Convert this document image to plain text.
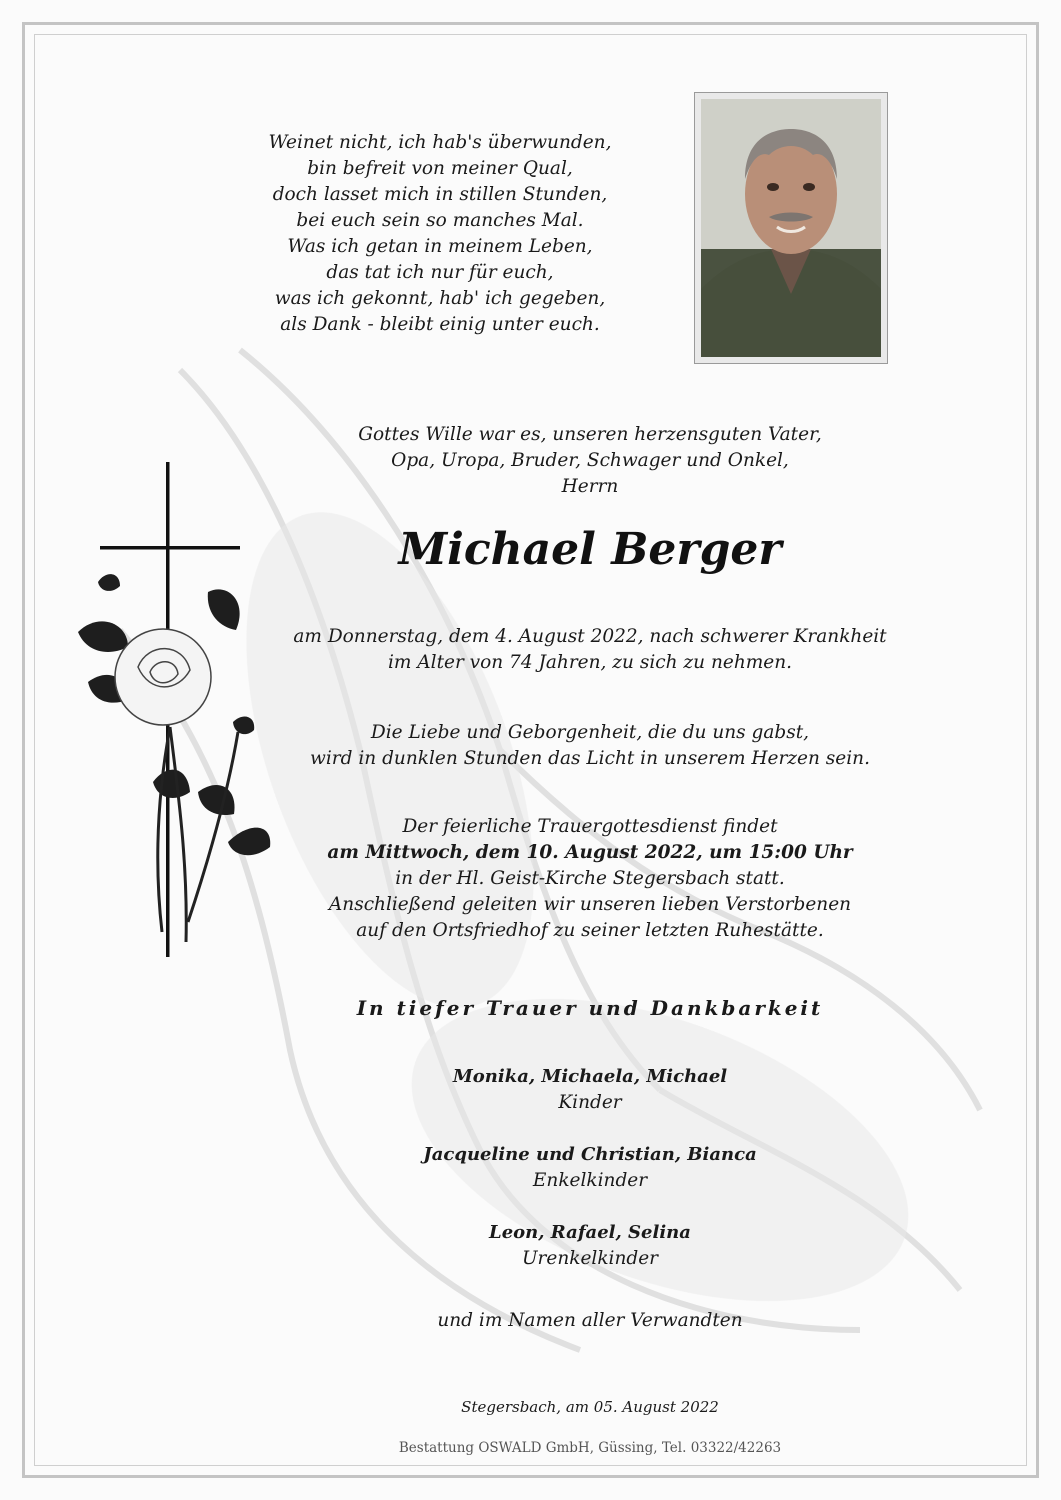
Weinet nicht, ich hab's überwunden,
bin befreit von meiner Qual,
doch lasset mich in stillen Stunden,
bei euch sein so manches Mal.
Was ich getan in meinem Leben,
das tat ich nur für euch,
was ich gekonnt, hab' ich gegeben,
als Dank - bleibt einig unter euch.
Gottes Wille war es, unseren herzensguten Vater,
Opa, Uropa, Bruder, Schwager und Onkel,
Herrn
Michael Berger
am Donnerstag, dem 4. August 2022, nach schwerer Krankheit
im Alter von 74 Jahren, zu sich zu nehmen.
Die Liebe und Geborgenheit, die du uns gabst,
wird in dunklen Stunden das Licht in unserem Herzen sein.
Der feierliche Trauergottesdienst findet
am Mittwoch, dem 10. August 2022, um 15:00 Uhr
in der Hl. Geist-Kirche Stegersbach statt.
Anschließend geleiten wir unseren lieben Verstorbenen
auf den Ortsfriedhof zu seiner letzten Ruhestätte.
In tiefer Trauer und Dankbarkeit
Monika, Michaela, Michael
Kinder
Jacqueline und Christian, Bianca
Enkelkinder
Leon, Rafael, Selina
Urenkelkinder
und im Namen aller Verwandten
Stegersbach, am 05. August 2022
Bestattung OSWALD GmbH, Güssing, Tel. 03322/42263
